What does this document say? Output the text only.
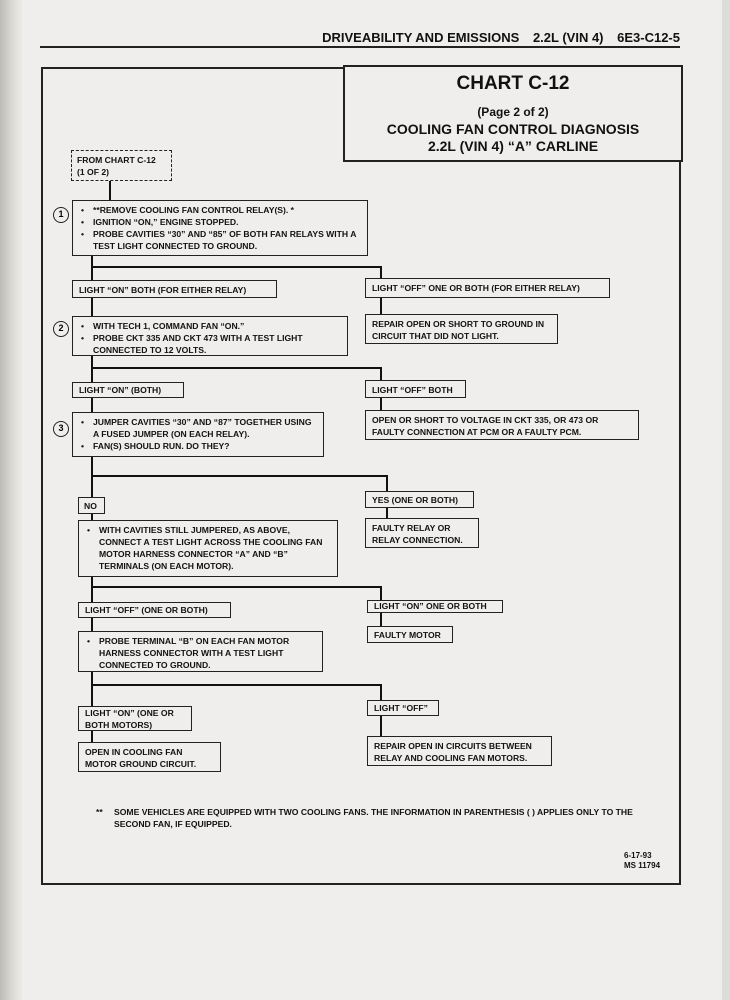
DRIVEABILITY AND EMISSIONS 2.2L (VIN 4) 6E3-C12-5
CHART C-12
(Page 2 of 2)
COOLING FAN CONTROL DIAGNOSIS
2.2L (VIN 4) “A” CARLINE
FROM CHART C-12
(1 OF 2)
1	• **REMOVE COOLING FAN CONTROL RELAY(S). *
• IGNITION “ON,” ENGINE STOPPED.
• PROBE CAVITIES “30” AND “85” OF BOTH FAN RELAYS WITH A TEST LIGHT CONNECTED TO GROUND.
LIGHT “ON” BOTH (FOR EITHER RELAY)	LIGHT “OFF” ONE OR BOTH (FOR EITHER RELAY)
REPAIR OPEN OR SHORT TO GROUND IN CIRCUIT THAT DID NOT LIGHT.
2	• WITH TECH 1, COMMAND FAN “ON.”
• PROBE CKT 335 AND CKT 473 WITH A TEST LIGHT CONNECTED TO 12 VOLTS.
LIGHT “ON” (BOTH)	LIGHT “OFF” BOTH
OPEN OR SHORT TO VOLTAGE IN CKT 335, OR 473 OR FAULTY CONNECTION AT PCM OR A FAULTY PCM.
3
• JUMPER CAVITIES “30” AND “87” TOGETHER USING A FUSED JUMPER (ON EACH RELAY).
• FAN(S) SHOULD RUN. DO THEY?
NO
YES (ONE OR BOTH)
FAULTY RELAY OR RELAY CONNECTION.
• WITH CAVITIES STILL JUMPERED, AS ABOVE, CONNECT A TEST LIGHT ACROSS THE COOLING FAN MOTOR HARNESS CONNECTOR “A” AND “B” TERMINALS (ON EACH MOTOR).
LIGHT “OFF” (ONE OR BOTH)	LIGHT “ON” ONE OR BOTH
FAULTY MOTOR
• PROBE TERMINAL “B” ON EACH FAN MOTOR HARNESS CONNECTOR WITH A TEST LIGHT CONNECTED TO GROUND.
LIGHT “ON” (ONE OR BOTH MOTORS)
OPEN IN COOLING FAN MOTOR GROUND CIRCUIT.
LIGHT “OFF”
REPAIR OPEN IN CIRCUITS BETWEEN RELAY AND COOLING FAN MOTORS.
**	SOME VEHICLES ARE EQUIPPED WITH TWO COOLING FANS. THE INFORMATION IN PARENTHESIS ( ) APPLIES ONLY TO THE SECOND FAN, IF EQUIPPED.
6-17-93
MS 11794
